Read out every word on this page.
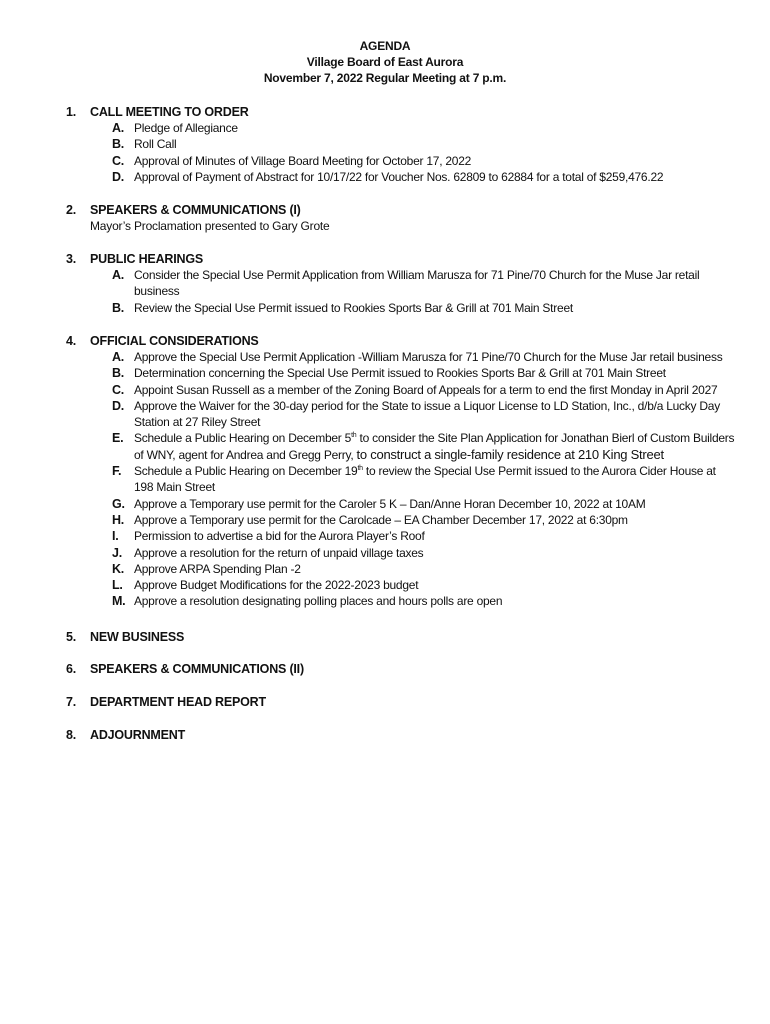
AGENDA
Village Board of East Aurora
November 7, 2022 Regular Meeting at 7 p.m.
1.	CALL MEETING TO ORDER
A. Pledge of Allegiance
B. Roll Call
C. Approval of Minutes of Village Board Meeting for October 17, 2022
D. Approval of Payment of Abstract for 10/17/22 for Voucher Nos. 62809 to 62884 for a total of $259,476.22
2.	SPEAKERS & COMMUNICATIONS (I)
Mayor’s Proclamation presented to Gary Grote
3.	PUBLIC HEARINGS
A. Consider the Special Use Permit Application from William Marusza for 71 Pine/70 Church for the Muse Jar retail business
B. Review the Special Use Permit issued to Rookies Sports Bar & Grill at 701 Main Street
4.	OFFICIAL CONSIDERATIONS
A. Approve the Special Use Permit Application -William Marusza for 71 Pine/70 Church for the Muse Jar retail business
B. Determination concerning the Special Use Permit issued to Rookies Sports Bar & Grill at 701 Main Street
C. Appoint Susan Russell as a member of the Zoning Board of Appeals for a term to end the first Monday in April 2027
D. Approve the Waiver for the 30-day period for the State to issue a Liquor License to LD Station, Inc., d/b/a Lucky Day Station at 27 Riley Street
E. Schedule a Public Hearing on December 5th to consider the Site Plan Application for Jonathan Bierl of Custom Builders of WNY, agent for Andrea and Gregg Perry, to construct a single-family residence at 210 King Street
F.	Schedule a Public Hearing on December 19th to review the Special Use Permit issued to the Aurora Cider House at 198 Main Street
G. Approve a Temporary use permit for the Caroler 5 K – Dan/Anne Horan December 10, 2022 at 10AM
H. Approve a Temporary use permit for the Carolcade – EA Chamber December 17, 2022 at 6:30pm
I.	Permission to advertise a bid for the Aurora Player’s Roof
J.	Approve a resolution for the return of unpaid village taxes
K. Approve ARPA Spending Plan -2
L. Approve Budget Modifications for the 2022-2023 budget
M. Approve a resolution designating polling places and hours polls are open
5.	NEW BUSINESS
6.	SPEAKERS & COMMUNICATIONS (II)
7.	DEPARTMENT HEAD REPORT
8.	ADJOURNMENT
